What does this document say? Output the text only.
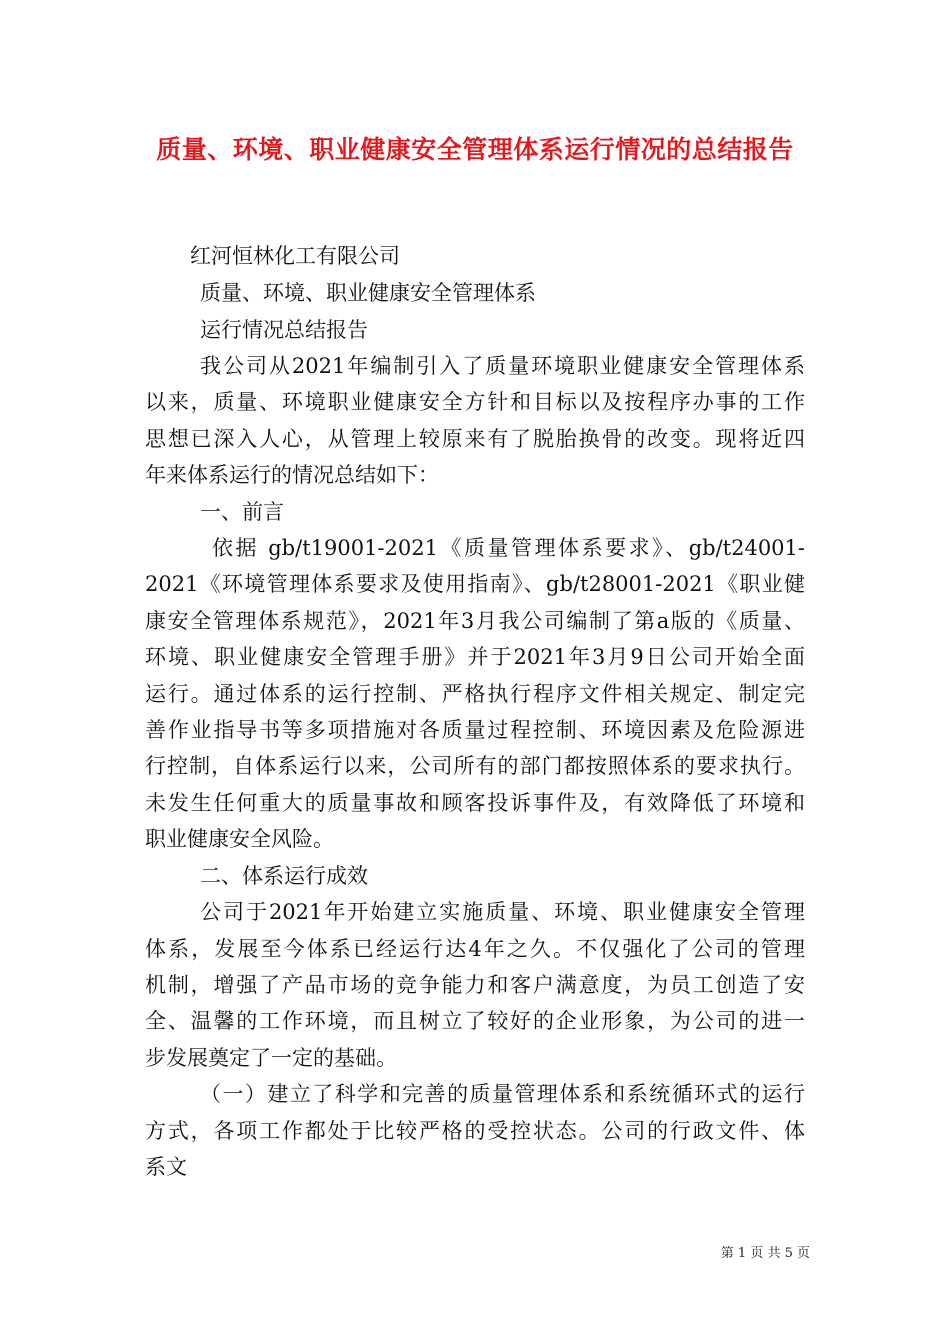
质量、环境、职业健康安全管理体系运行情况的总结报告
红河恒林化工有限公司
质量、环境、职业健康安全管理体系
运行情况总结报告
我公司从2021年编制引入了质量环境职业健康安全管理体系
以来，质量、环境职业健康安全方针和目标以及按程序办事的工作
思想已深入人心，从管理上较原来有了脱胎换骨的改变。现将近四
年来体系运行的情况总结如下：
一、前言
依据 gb/t19001-2021《质量管理体系要求》、gb/t24001-
2021《环境管理体系要求及使用指南》、gb/t28001-2021《职业健
康安全管理体系规范》，2021年3月我公司编制了第a版的《质量、
环境、职业健康安全管理手册》并于2021年3月9日公司开始全面
运行。通过体系的运行控制、严格执行程序文件相关规定、制定完
善作业指导书等多项措施对各质量过程控制、环境因素及危险源进
行控制，自体系运行以来，公司所有的部门都按照体系的要求执行。
未发生任何重大的质量事故和顾客投诉事件及，有效降低了环境和
职业健康安全风险。
二、体系运行成效
公司于2021年开始建立实施质量、环境、职业健康安全管理
体系，发展至今体系已经运行达4年之久。不仅强化了公司的管理
机制，增强了产品市场的竞争能力和客户满意度，为员工创造了安
全、温馨的工作环境，而且树立了较好的企业形象，为公司的进一
步发展奠定了一定的基础。
（一）建立了科学和完善的质量管理体系和系统循环式的运行
方式，各项工作都处于比较严格的受控状态。公司的行政文件、体
系文
第 1 页 共 5 页
